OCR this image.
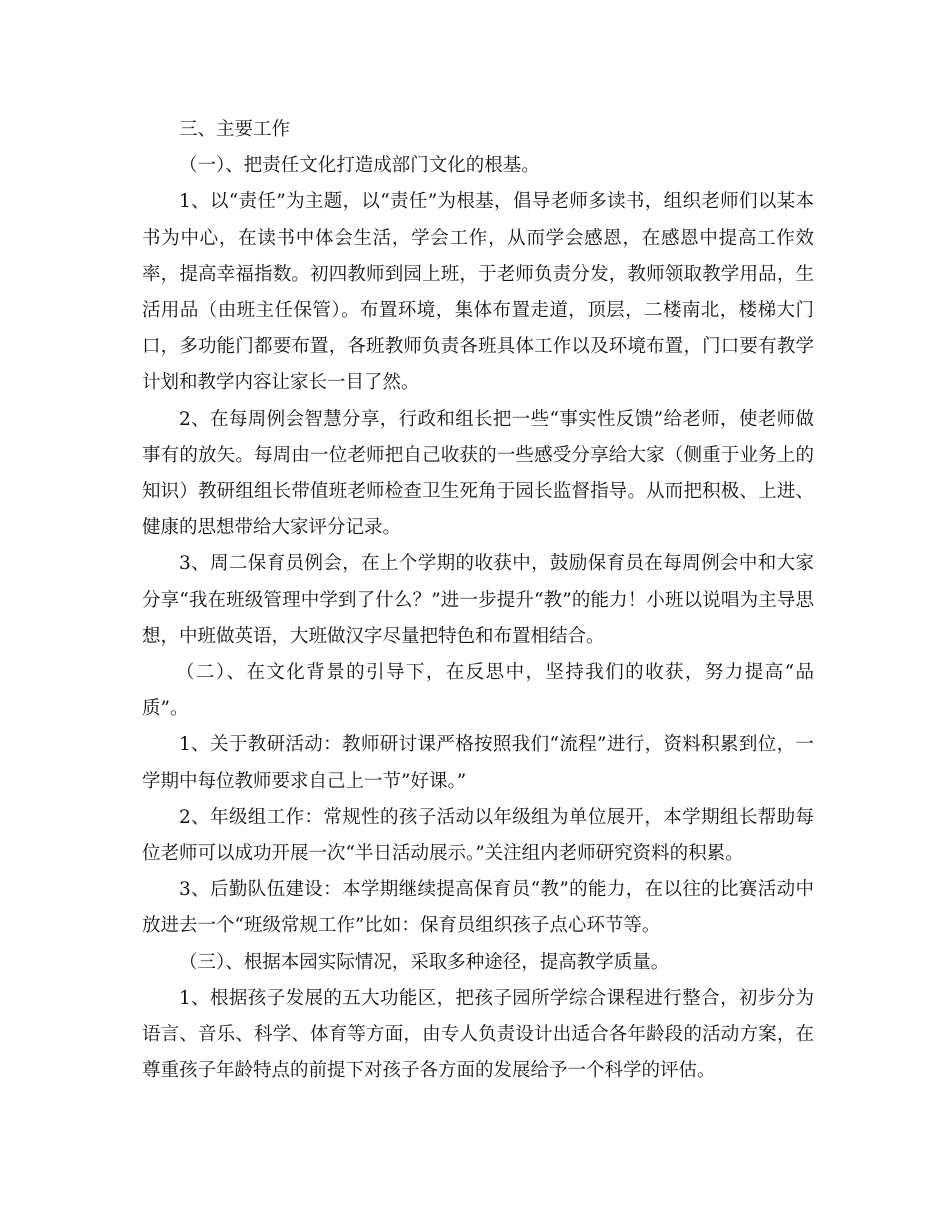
三、主要工作

（一）、把责任文化打造成部门文化的根基。

1、以“责任”为主题，以“责任”为根基，倡导老师多读书，组织老师们以某本书为中心，在读书中体会生活，学会工作，从而学会感恩，在感恩中提高工作效率，提高幸福指数。初四教师到园上班，于老师负责分发，教师领取教学用品，生活用品（由班主任保管）。布置环境，集体布置走道，顶层，二楼南北，楼梯大门口，多功能门都要布置，各班教师负责各班具体工作以及环境布置，门口要有教学计划和教学内容让家长一目了然。

2、在每周例会智慧分享，行政和组长把一些“事实性反馈”给老师，使老师做事有的放矢。每周由一位老师把自己收获的一些感受分享给大家（侧重于业务上的知识）教研组组长带值班老师检查卫生死角于园长监督指导。从而把积极、上进、健康的思想带给大家评分记录。

3、周二保育员例会，在上个学期的收获中，鼓励保育员在每周例会中和大家分享“我在班级管理中学到了什么？”进一步提升“教”的能力！小班以说唱为主导思想，中班做英语，大班做汉字尽量把特色和布置相结合。

（二）、在文化背景的引导下，在反思中，坚持我们的收获，努力提高“品质”。

1、关于教研活动：教师研讨课严格按照我们“流程”进行，资料积累到位，一学期中每位教师要求自己上一节”好课。”

2、年级组工作：常规性的孩子活动以年级组为单位展开，本学期组长帮助每位老师可以成功开展一次“半日活动展示。”关注组内老师研究资料的积累。

3、后勤队伍建设：本学期继续提高保育员“教”的能力，在以往的比赛活动中放进去一个“班级常规工作”比如：保育员组织孩子点心环节等。

（三）、根据本园实际情况，采取多种途径，提高教学质量。

1、根据孩子发展的五大功能区，把孩子园所学综合课程进行整合，初步分为语言、音乐、科学、体育等方面，由专人负责设计出适合各年龄段的活动方案，在尊重孩子年龄特点的前提下对孩子各方面的发展给予一个科学的评估。
